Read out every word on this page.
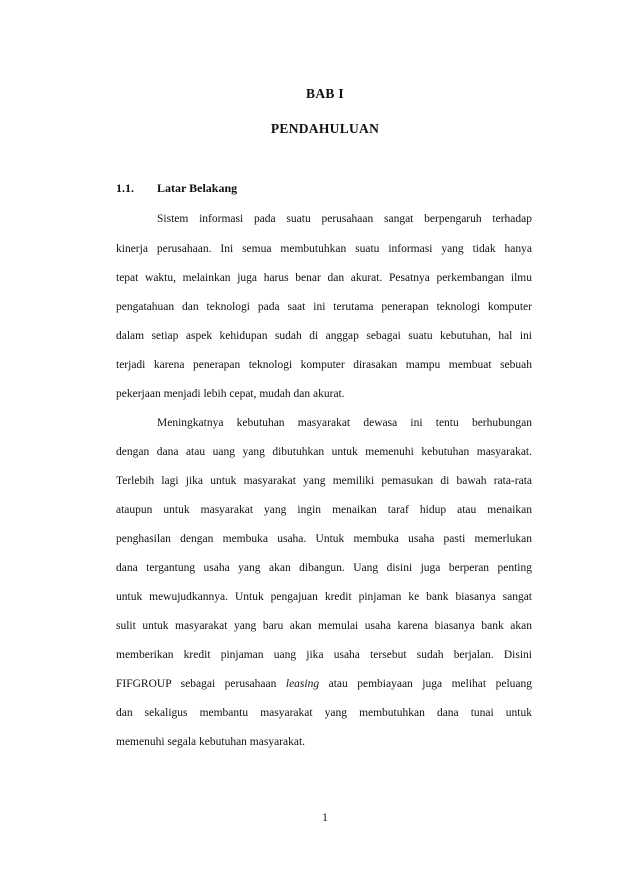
BAB I
PENDAHULUAN
1.1. Latar Belakang
Sistem informasi pada suatu perusahaan sangat berpengaruh terhadap
kinerja perusahaan. Ini semua membutuhkan suatu informasi yang tidak hanya
tepat waktu, melainkan juga harus benar dan akurat. Pesatnya perkembangan ilmu
pengatahuan dan teknologi pada saat ini terutama penerapan teknologi komputer
dalam setiap aspek kehidupan sudah di anggap sebagai suatu kebutuhan, hal ini
terjadi karena penerapan teknologi komputer dirasakan mampu membuat sebuah
pekerjaan menjadi lebih cepat, mudah dan akurat.
Meningkatnya kebutuhan masyarakat dewasa ini tentu berhubungan
dengan dana atau uang yang dibutuhkan untuk memenuhi kebutuhan masyarakat.
Terlebih lagi jika untuk masyarakat yang memiliki pemasukan di bawah rata-rata
ataupun untuk masyarakat yang ingin menaikan taraf hidup atau menaikan
penghasilan dengan membuka usaha. Untuk membuka usaha pasti memerlukan
dana tergantung usaha yang akan dibangun. Uang disini juga berperan penting
untuk mewujudkannya. Untuk pengajuan kredit pinjaman ke bank biasanya sangat
sulit untuk masyarakat yang baru akan memulai usaha karena biasanya bank akan
memberikan kredit pinjaman uang jika usaha tersebut sudah berjalan. Disini
FIFGROUP sebagai perusahaan leasing atau pembiayaan juga melihat peluang
dan sekaligus membantu masyarakat yang membutuhkan dana tunai untuk
memenuhi segala kebutuhan masyarakat.
1
